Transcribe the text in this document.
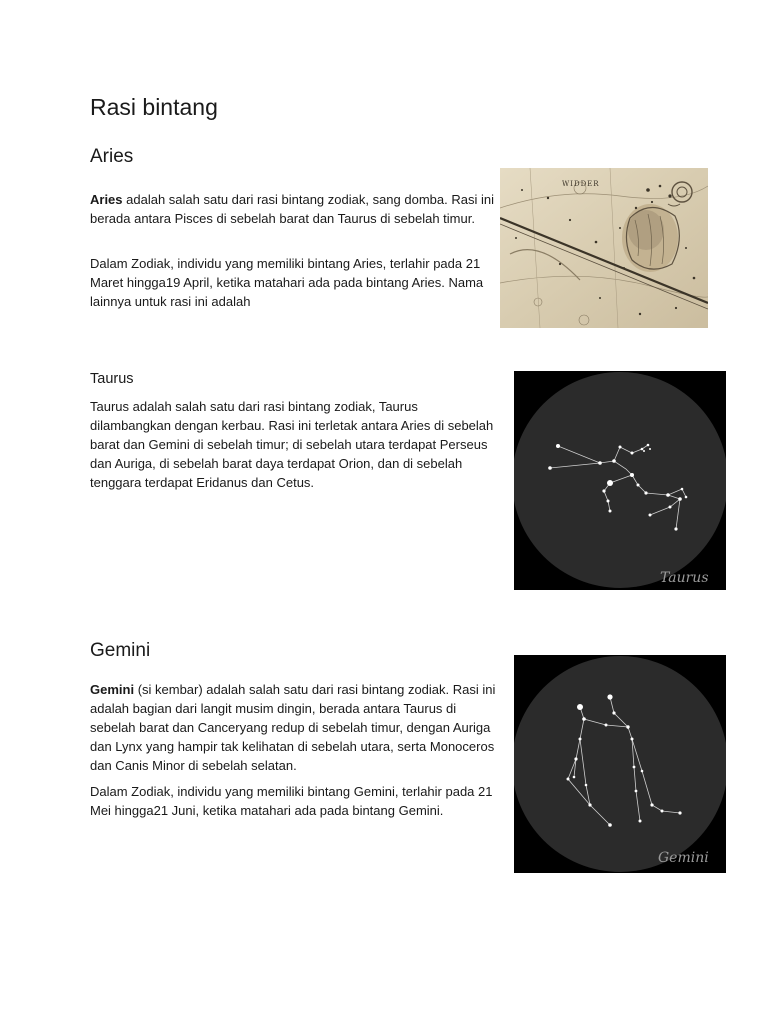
Rasi bintang
Aries

Aries adalah salah satu dari rasi bintang zodiak, sang domba. Rasi ini berada antara Pisces di sebelah barat dan Taurus di sebelah timur.

Dalam Zodiak, individu yang memiliki bintang Aries, terlahir pada 21 Maret hingga19 April, ketika matahari ada pada bintang Aries. Nama lainnya untuk rasi ini adalah

WIDDER
Taurus

Taurus adalah salah satu dari rasi bintang zodiak, Taurus dilambangkan dengan kerbau. Rasi ini terletak antara Aries di sebelah barat dan Gemini di sebelah timur; di sebelah utara terdapat Perseus dan Auriga, di sebelah barat daya terdapat Orion, dan di sebelah tenggara terdapat Eridanus dan Cetus.

Taurus
Gemini

Gemini (si kembar) adalah salah satu dari rasi bintang zodiak. Rasi ini adalah bagian dari langit musim dingin, berada antara Taurus di sebelah barat dan Canceryang redup di sebelah timur, dengan Auriga dan Lynx yang hampir tak kelihatan di sebelah utara, serta Monoceros dan Canis Minor di sebelah selatan.

Dalam Zodiak, individu yang memiliki bintang Gemini, terlahir pada 21 Mei hingga21 Juni, ketika matahari ada pada bintang Gemini.

Gemini
